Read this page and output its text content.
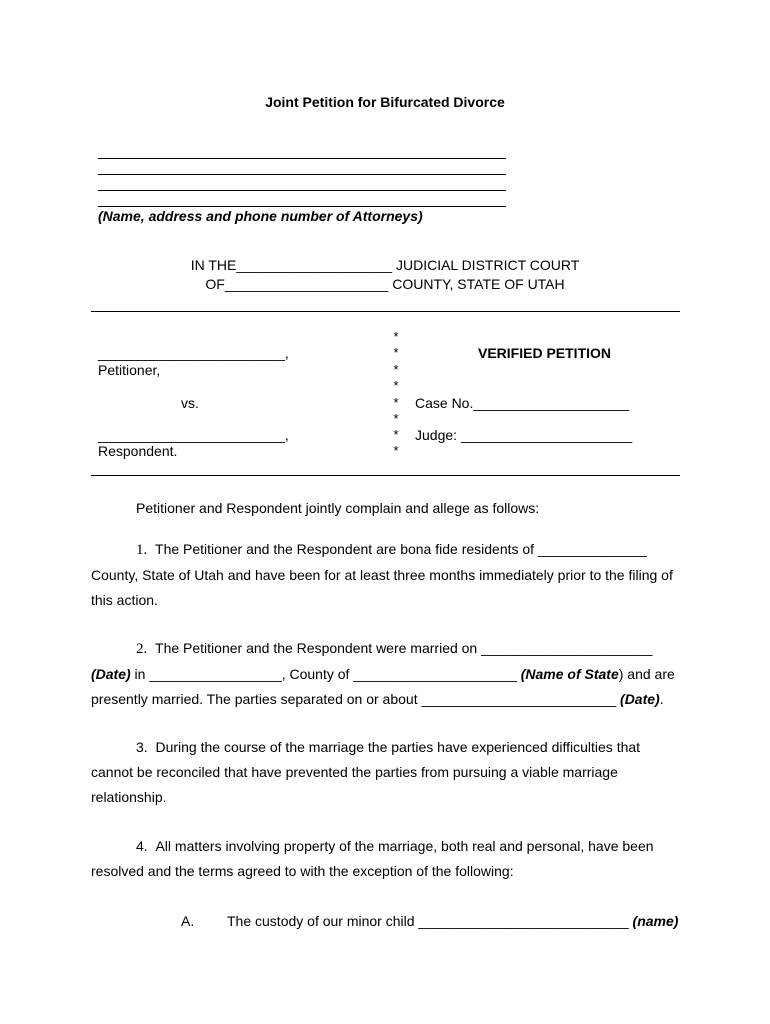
Joint Petition for Bifurcated Divorce
(Name, address and phone number of Attorneys)
IN THE____________________ JUDICIAL DISTRICT COURT
OF_____________________ COUNTY, STATE OF UTAH
________________________,
Petitioner,
vs.
________________________,
Respondent.
*
*
*
*
*
*
*
*
VERIFIED PETITION
Case No.____________________
Judge: ______________________
Petitioner and Respondent jointly complain and allege as follows:
1. The Petitioner and the Respondent are bona fide residents of ______________
County, State of Utah and have been for at least three months immediately prior to the filing of
this action.
2. The Petitioner and the Respondent were married on ______________________
(Date) in _________________, County of _____________________ (Name of State) and are
presently married. The parties separated on or about _________________________ (Date).
3. During the course of the marriage the parties have experienced difficulties that
cannot be reconciled that have prevented the parties from pursuing a viable marriage
relationship.
4. All matters involving property of the marriage, both real and personal, have been
resolved and the terms agreed to with the exception of the following:
A. The custody of our minor child ___________________________ (name)
